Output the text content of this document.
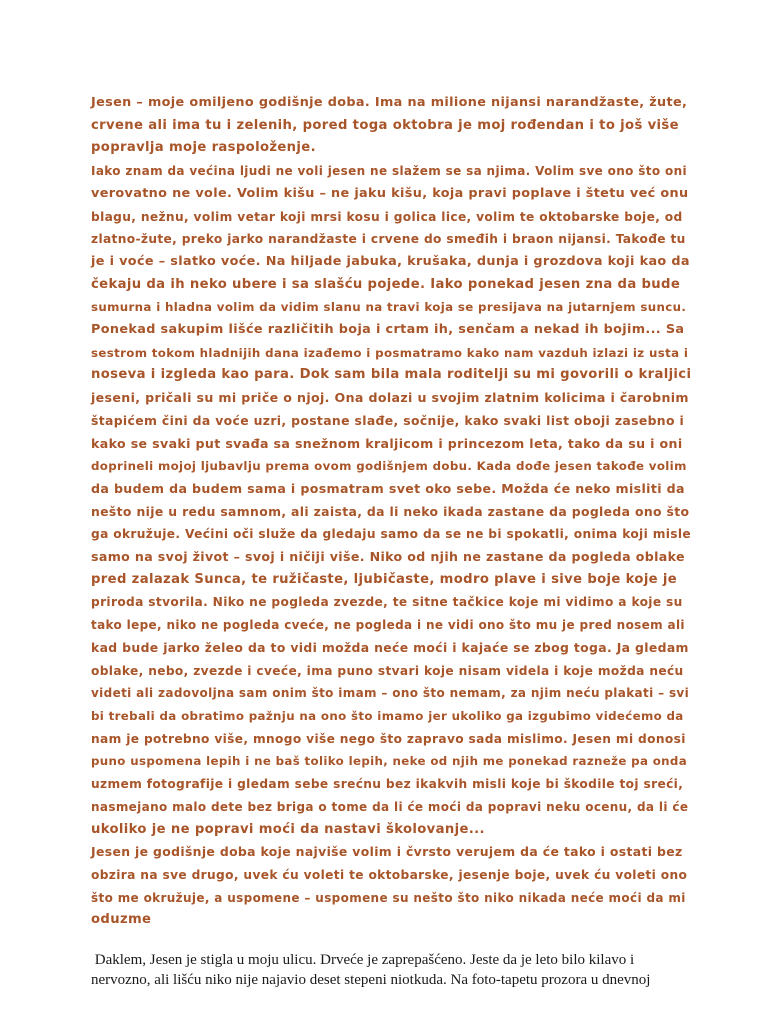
Jesen – moje omiljeno godišnje doba. Ima na milione nijansi narandžaste, žute,

crvene ali ima tu i zelenih, pored toga oktobra je moj rođendan i to još više

popravlja moje raspoloženje.

Iako znam da većina ljudi ne voli jesen ne slažem se sa njima. Volim sve ono što oni

verovatno ne vole. Volim kišu – ne jaku kišu, koja pravi poplave i štetu već onu

blagu, nežnu, volim vetar koji mrsi kosu i golica lice, volim te oktobarske boje, od

zlatno-žute, preko jarko narandžaste i crvene do smeđih i braon nijansi. Takođe tu

je i voće – slatko voće. Na hiljade jabuka, krušaka, dunja i grozdova koji kao da

čekaju da ih neko ubere i sa slašću pojede. Iako ponekad jesen zna da bude

sumurna i hladna volim da vidim slanu na travi koja se presijava na jutarnjem suncu.

Ponekad sakupim lišće različitih boja i crtam ih, senčam a nekad ih bojim... Sa

sestrom tokom hladnijih dana izađemo i posmatramo kako nam vazduh izlazi iz usta i

noseva i izgleda kao para. Dok sam bila mala roditelji su mi govorili o kraljici

jeseni, pričali su mi priče o njoj. Ona dolazi u svojim zlatnim kolicima i čarobnim

štapićem čini da voće uzri, postane slađe, sočnije, kako svaki list oboji zasebno i

kako se svaki put svađa sa snežnom kraljicom i princezom leta, tako da su i oni

doprineli mojoj ljubavlju prema ovom godišnjem dobu. Kada dođe jesen takođe volim

da budem da budem sama i posmatram svet oko sebe. Možda će neko misliti da

nešto nije u redu samnom, ali zaista, da li neko ikada zastane da pogleda ono što

ga okružuje. Većini oči služe da gledaju samo da se ne bi spokatli, onima koji misle

samo na svoj život – svoj i ničiji više. Niko od njih ne zastane da pogleda oblake

pred zalazak Sunca, te ružičaste, ljubičaste, modro plave i sive boje koje je

priroda stvorila. Niko ne pogleda zvezde, te sitne tačkice koje mi vidimo a koje su

tako lepe, niko ne pogleda cveće, ne pogleda i ne vidi ono što mu je pred nosem ali

kad bude jarko želeo da to vidi možda neće moći i kajaće se zbog toga. Ja gledam

oblake, nebo, zvezde i cveće, ima puno stvari koje nisam videla i koje možda neću

videti ali zadovoljna sam onim što imam – ono što nemam, za njim neću plakati – svi

bi trebali da obratimo pažnju na ono što imamo jer ukoliko ga izgubimo videćemo da

nam je potrebno više, mnogo više nego što zapravo sada mislimo. Jesen mi donosi

puno uspomena lepih i ne baš toliko lepih, neke od njih me ponekad razneže pa onda

uzmem fotografije i gledam sebe srećnu bez ikakvih misli koje bi škodile toj sreći,

nasmejano malo dete bez briga o tome da li će moći da popravi neku ocenu, da li će

ukoliko je ne popravi moći da nastavi školovanje...

Jesen je godišnje doba koje najviše volim i čvrsto verujem da će tako i ostati bez

obzira na sve drugo, uvek ću voleti te oktobarske, jesenje boje, uvek ću voleti ono

što me okružuje, a uspomene – uspomene su nešto što niko nikada neće moći da mi

oduzme

Daklem, Jesen je stigla u moju ulicu. Drveće je zaprepašćeno. Jeste da je leto bilo kilavo i

nervozno, ali lišću niko nije najavio deset stepeni niotkuda. Na foto-tapetu prozora u dnevnoj
